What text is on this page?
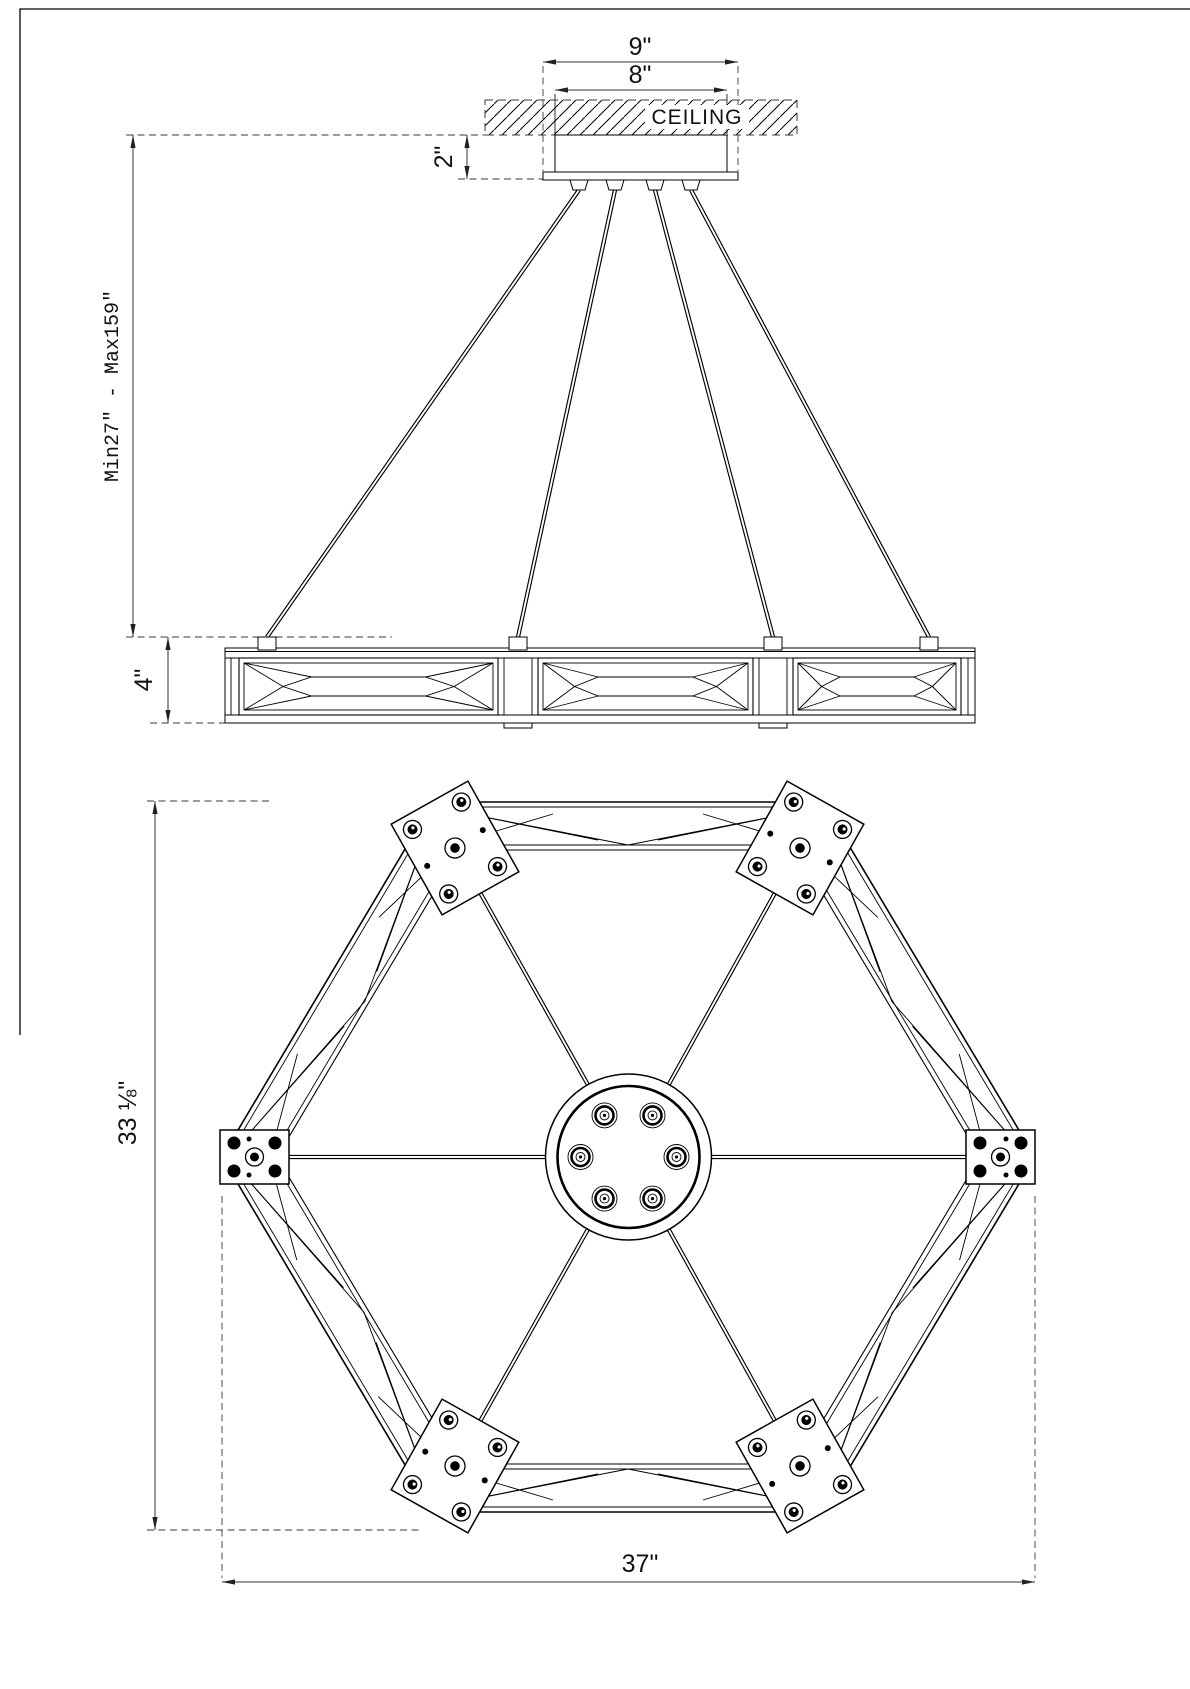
CEILING
9"
8"
2"
Min27″ - Max159″
4"
33 ⅛"
37"
